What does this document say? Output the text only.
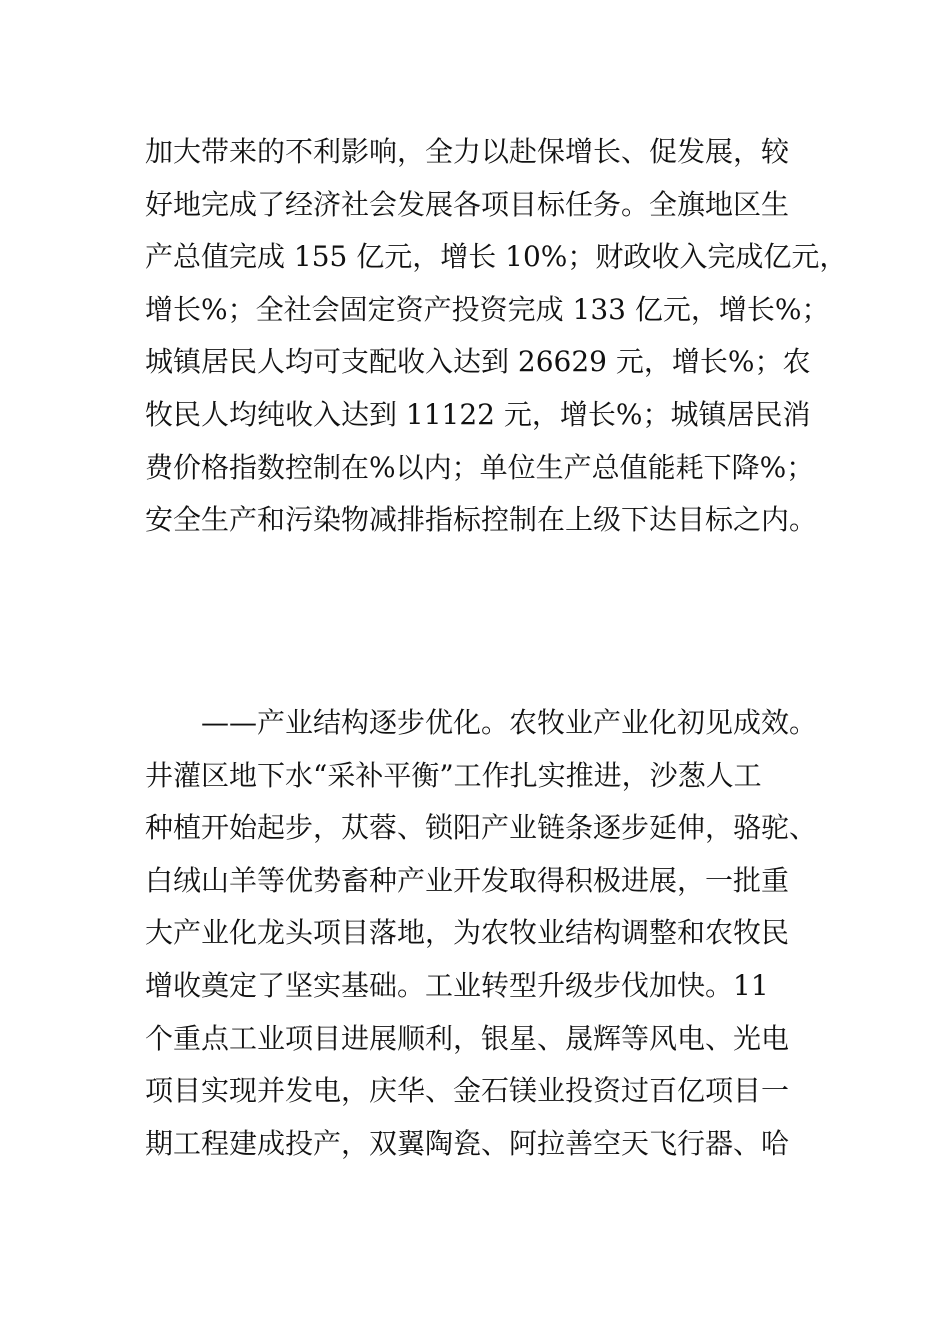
加大带来的不利影响，全力以赴保增长、促发展，较
好地完成了经济社会发展各项目标任务。全旗地区生
产总值完成 155 亿元，增长 10%；财政收入完成亿元，
增长%；全社会固定资产投资完成 133 亿元，增长%；
城镇居民人均可支配收入达到 26629 元，增长%；农
牧民人均纯收入达到 11122 元，增长%；城镇居民消
费价格指数控制在%以内；单位生产总值能耗下降%；
安全生产和污染物减排指标控制在上级下达目标之内。
——产业结构逐步优化。农牧业产业化初见成效。
井灌区地下水“采补平衡”工作扎实推进，沙葱人工
种植开始起步，苁蓉、锁阳产业链条逐步延伸，骆驼、
白绒山羊等优势畜种产业开发取得积极进展，一批重
大产业化龙头项目落地，为农牧业结构调整和农牧民
增收奠定了坚实基础。工业转型升级步伐加快。11
个重点工业项目进展顺利，银星、晟辉等风电、光电
项目实现并发电，庆华、金石镁业投资过百亿项目一
期工程建成投产，双翼陶瓷、阿拉善空天飞行器、哈
